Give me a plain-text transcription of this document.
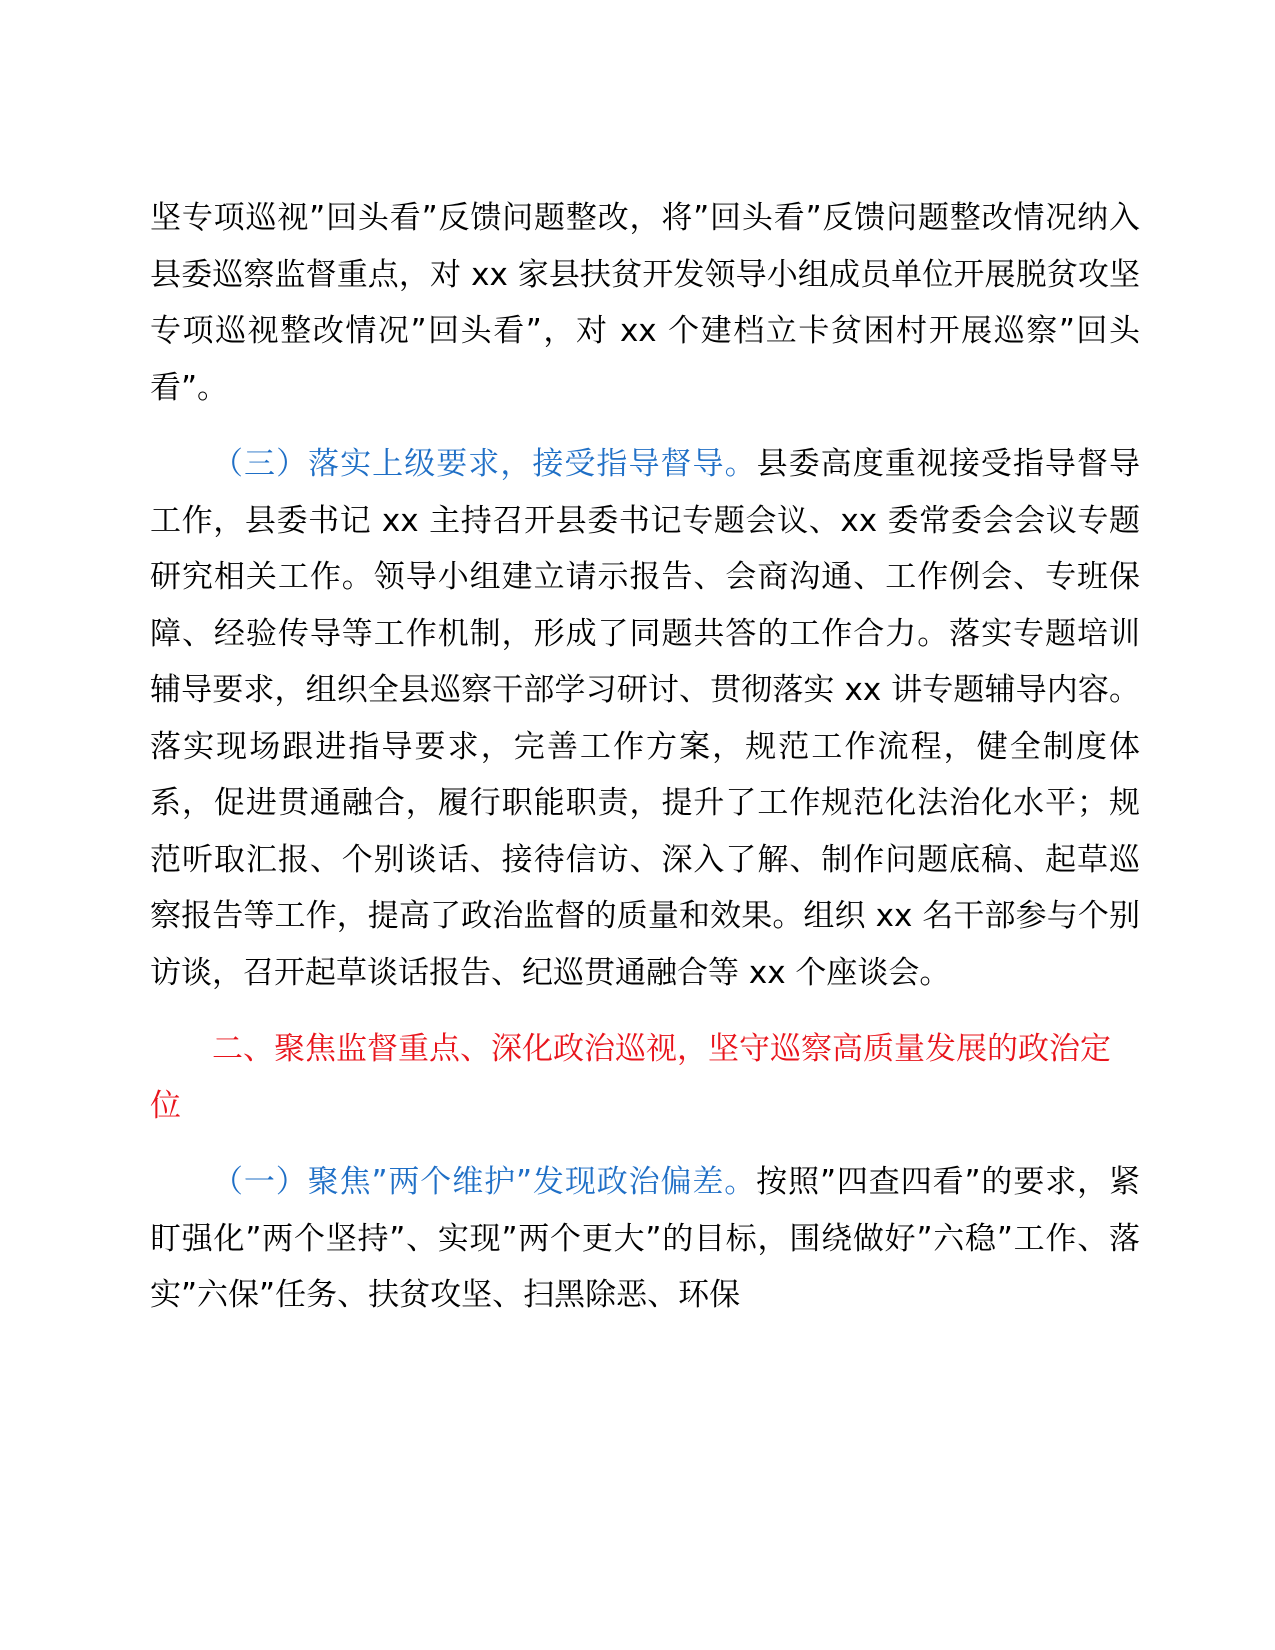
坚专项巡视”回头看”反馈问题整改，将”回头看”反馈问题整改情况纳入县委巡察监督重点，对 xx 家县扶贫开发领导小组成员单位开展脱贫攻坚专项巡视整改情况”回头看”，对 xx 个建档立卡贫困村开展巡察”回头看”。

（三）落实上级要求，接受指导督导。县委高度重视接受指导督导工作，县委书记 xx 主持召开县委书记专题会议、xx 委常委会会议专题研究相关工作。领导小组建立请示报告、会商沟通、工作例会、专班保障、经验传导等工作机制，形成了同题共答的工作合力。落实专题培训辅导要求，组织全县巡察干部学习研讨、贯彻落实 xx 讲专题辅导内容。落实现场跟进指导要求，完善工作方案，规范工作流程，健全制度体系，促进贯通融合，履行职能职责，提升了工作规范化法治化水平；规范听取汇报、个别谈话、接待信访、深入了解、制作问题底稿、起草巡察报告等工作，提高了政治监督的质量和效果。组织 xx 名干部参与个别访谈，召开起草谈话报告、纪巡贯通融合等 xx 个座谈会。

二、聚焦监督重点、深化政治巡视，坚守巡察高质量发展的政治定位

（一）聚焦”两个维护”发现政治偏差。按照”四查四看”的要求，紧盯强化”两个坚持”、实现”两个更大”的目标，围绕做好”六稳”工作、落实”六保”任务、扶贫攻坚、扫黑除恶、环保
